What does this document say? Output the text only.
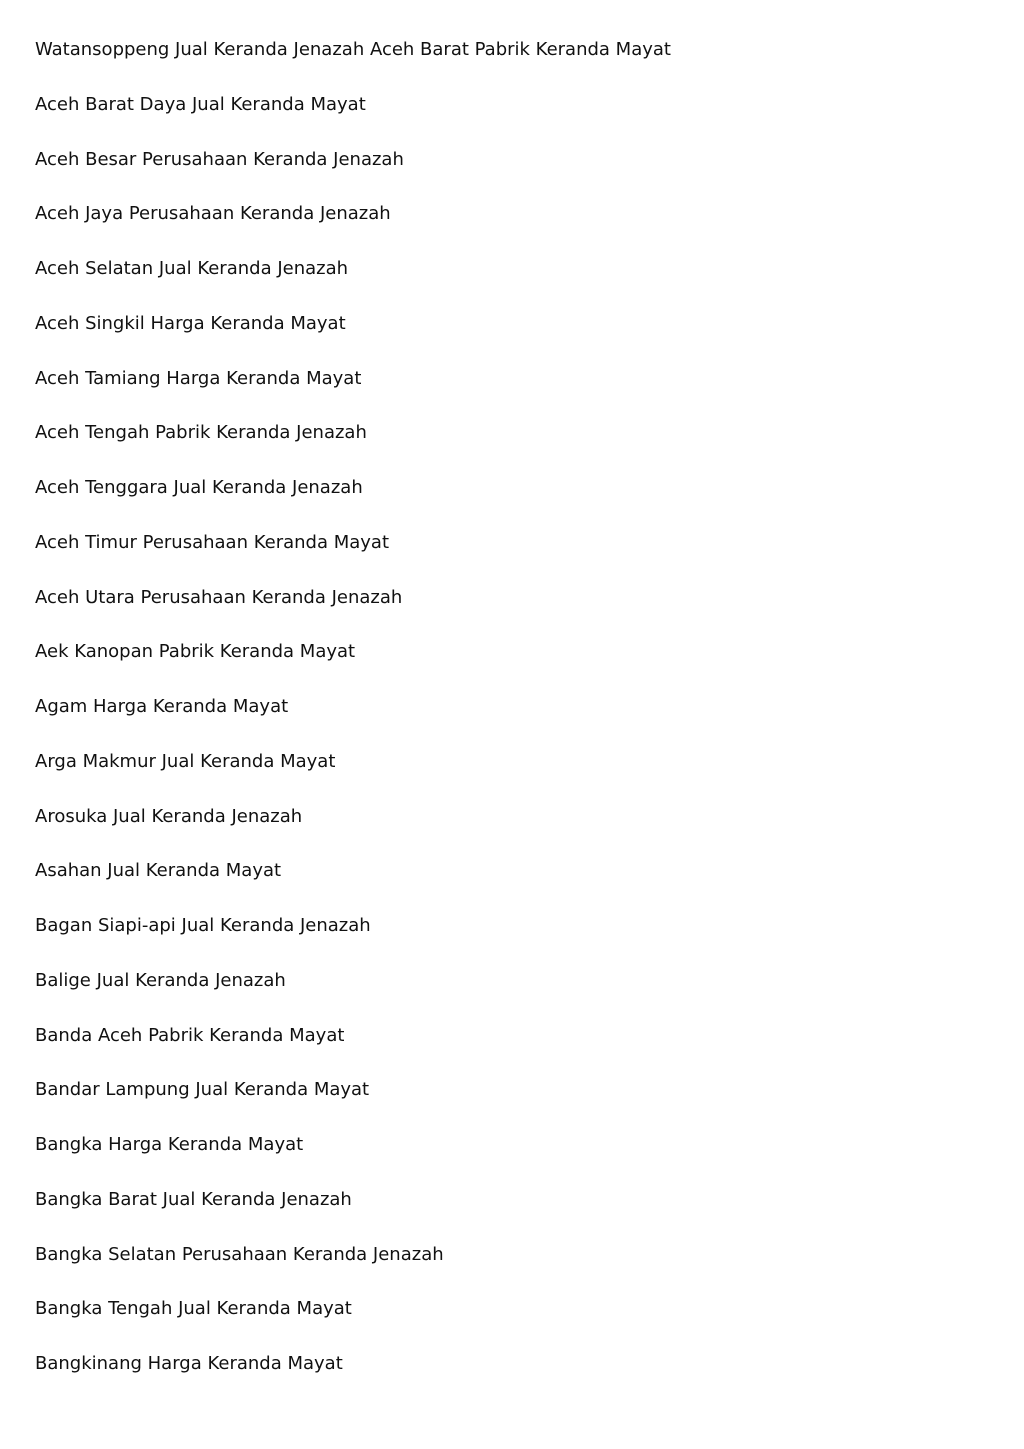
Watansoppeng Jual Keranda Jenazah Aceh Barat Pabrik Keranda Mayat
Aceh Barat Daya Jual Keranda Mayat
Aceh Besar Perusahaan Keranda Jenazah
Aceh Jaya Perusahaan Keranda Jenazah
Aceh Selatan Jual Keranda Jenazah
Aceh Singkil Harga Keranda Mayat
Aceh Tamiang Harga Keranda Mayat
Aceh Tengah Pabrik Keranda Jenazah
Aceh Tenggara Jual Keranda Jenazah
Aceh Timur Perusahaan Keranda Mayat
Aceh Utara Perusahaan Keranda Jenazah
Aek Kanopan Pabrik Keranda Mayat
Agam Harga Keranda Mayat
Arga Makmur Jual Keranda Mayat
Arosuka Jual Keranda Jenazah
Asahan Jual Keranda Mayat
Bagan Siapi-api Jual Keranda Jenazah
Balige Jual Keranda Jenazah
Banda Aceh Pabrik Keranda Mayat
Bandar Lampung Jual Keranda Mayat
Bangka Harga Keranda Mayat
Bangka Barat Jual Keranda Jenazah
Bangka Selatan Perusahaan Keranda Jenazah
Bangka Tengah Jual Keranda Mayat
Bangkinang Harga Keranda Mayat
